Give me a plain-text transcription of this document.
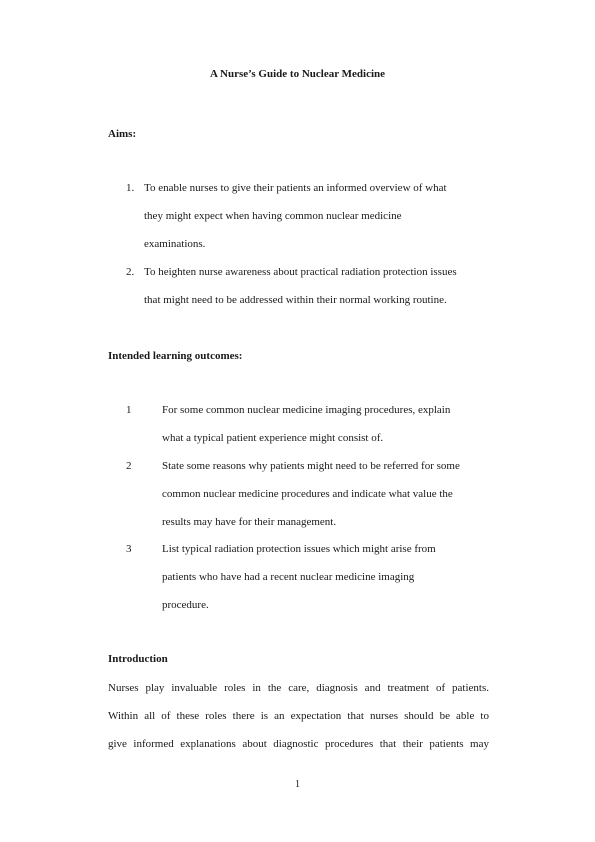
A Nurse’s Guide to Nuclear Medicine
Aims:
1. To enable nurses to give their patients an informed overview of what
they might expect when having common nuclear medicine
examinations.
2. To heighten nurse awareness about practical radiation protection issues
that might need to be addressed within their normal working routine.
Intended learning outcomes:
1	For some common nuclear medicine imaging procedures, explain
what a typical patient experience might consist of.
2	State some reasons why patients might need to be referred for some
common nuclear medicine procedures and indicate what value the
results may have for their management.
3	List typical radiation protection issues which might arise from
patients who have had a recent nuclear medicine imaging
procedure.
Introduction
Nurses play invaluable roles in the care, diagnosis and treatment of patients.
Within all of these roles there is an expectation that nurses should be able to
give informed explanations about diagnostic procedures that their patients may
1
